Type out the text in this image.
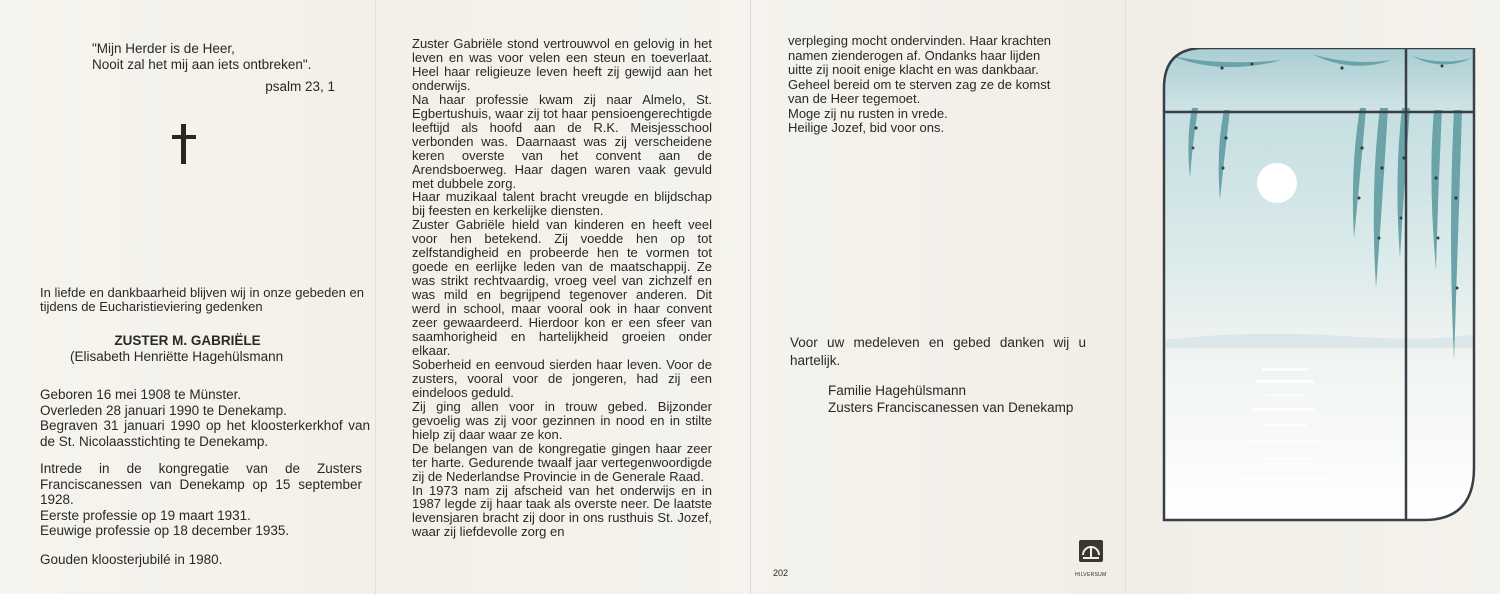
"Mijn Herder is de Heer,
Nooit zal het mij aan iets ontbreken".
psalm 23, 1

In liefde en dankbaarheid blijven wij in onze gebeden en tijdens de Eucharistieviering gedenken

ZUSTER M. GABRIËLE
(Elisabeth Henriëtte Hagehülsmann
Geboren 16 mei 1908 te Münster.
Overleden 28 januari 1990 te Denekamp.
Begraven 31 januari 1990 op het kloosterkerkhof van de St. Nicolaasstichting te Denekamp.
Intrede in de kongregatie van de Zusters Franciscanessen van Denekamp op 15 september 1928.
Eerste professie op 19 maart 1931.
Eeuwige professie op 18 december 1935.
Gouden kloosterjubilé in 1980.

Zuster Gabriële stond vertrouwvol en gelovig in het leven en was voor velen een steun en toeverlaat. Heel haar religieuze leven heeft zij gewijd aan het onderwijs.

Na haar professie kwam zij naar Almelo, St. Egbertushuis, waar zij tot haar pensioengerechtigde leeftijd als hoofd aan de R.K. Meisjesschool verbonden was. Daarnaast was zij verscheidene keren overste van het convent aan de Arendsboerweg. Haar dagen waren vaak gevuld met dubbele zorg.

Haar muzikaal talent bracht vreugde en blijdschap bij feesten en kerkelijke diensten.

Zuster Gabriële hield van kinderen en heeft veel voor hen betekend. Zij voedde hen op tot zelfstandigheid en probeerde hen te vormen tot goede en eerlijke leden van de maatschappij. Ze was strikt rechtvaardig, vroeg veel van zichzelf en was mild en begrijpend tegenover anderen. Dit werd in school, maar vooral ook in haar convent zeer gewaardeerd. Hierdoor kon er een sfeer van saamhorigheid en hartelijkheid groeien onder elkaar.

Soberheid en eenvoud sierden haar leven. Voor de zusters, vooral voor de jongeren, had zij een eindeloos geduld.

Zij ging allen voor in trouw gebed. Bijzonder gevoelig was zij voor gezinnen in nood en in stilte hielp zij daar waar ze kon.

De belangen van de kongregatie gingen haar zeer ter harte. Gedurende twaalf jaar vertegenwoordigde zij de Nederlandse Provincie in de Generale Raad.

In 1973 nam zij afscheid van het onderwijs en in 1987 legde zij haar taak als overste neer. De laatste levensjaren bracht zij door in ons rusthuis St. Jozef, waar zij liefdevolle zorg en

verpleging mocht ondervinden. Haar krachten
namen zienderogen af. Ondanks haar lijden
uitte zij nooit enige klacht en was dankbaar.
Geheel bereid om te sterven zag ze de komst
van de Heer tegemoet.
Moge zij nu rusten in vrede.
Heilige Jozef, bid voor ons.

Voor uw medeleven en gebed danken wij u hartelijk.

Familie Hagehülsmann
Zusters Franciscanessen van Denekamp
202	HILVERSUM
